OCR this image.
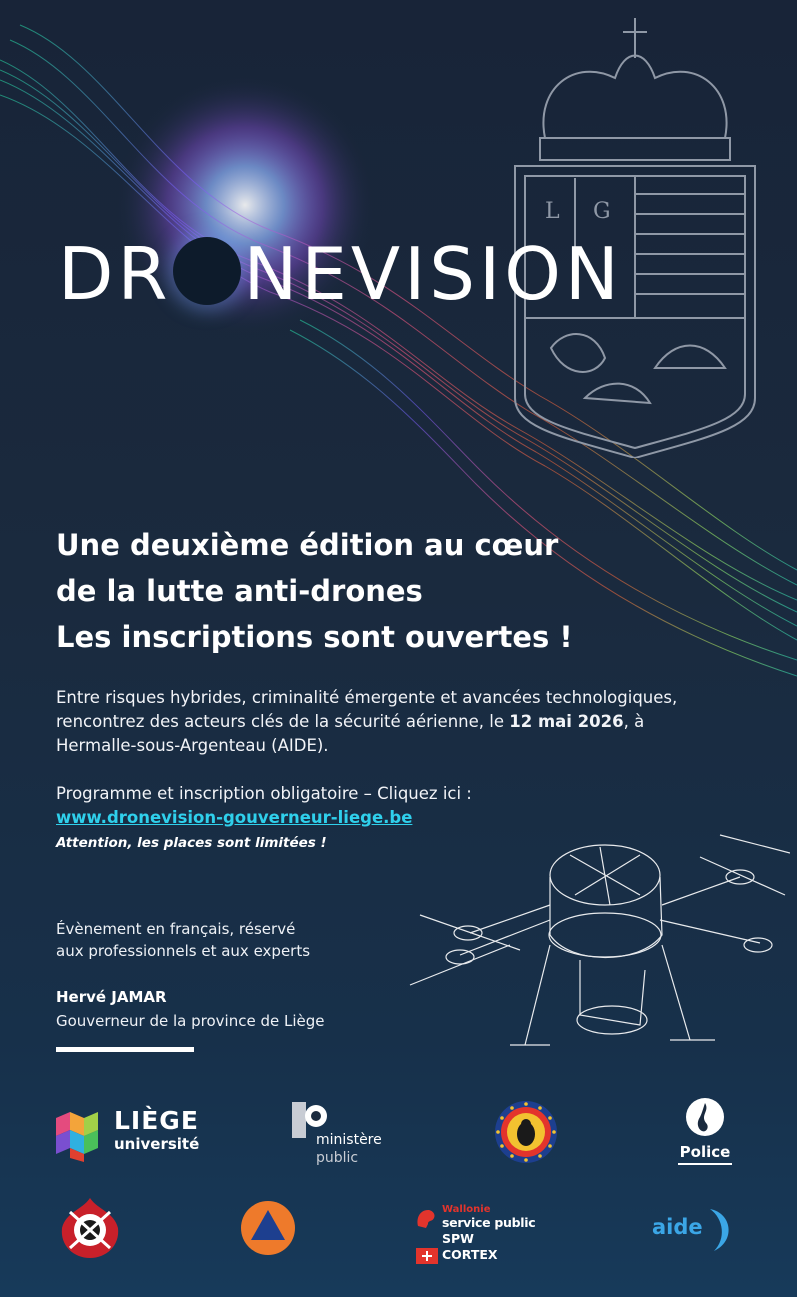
L G
DR NEVISION
Une deuxième édition au cœur
de la lutte anti-drones
Les inscriptions sont ouvertes !

Entre risques hybrides, criminalité émergente et avancées technologiques, rencontrez des acteurs clés de la sécurité aérienne, le 12 mai 2026, à Hermalle-sous-Argenteau (AIDE).

Programme et inscription obligatoire – Cliquez ici :
www.dronevision-gouverneur-liege.be
Attention, les places sont limitées !
Évènement en français, réservé
aux professionnels et aux experts
Hervé JAMAR
Gouverneur de la province de Liège
LIÈGE
université	ministère
public	Police
Wallonie
service public
SPW
CORTEX
aide
